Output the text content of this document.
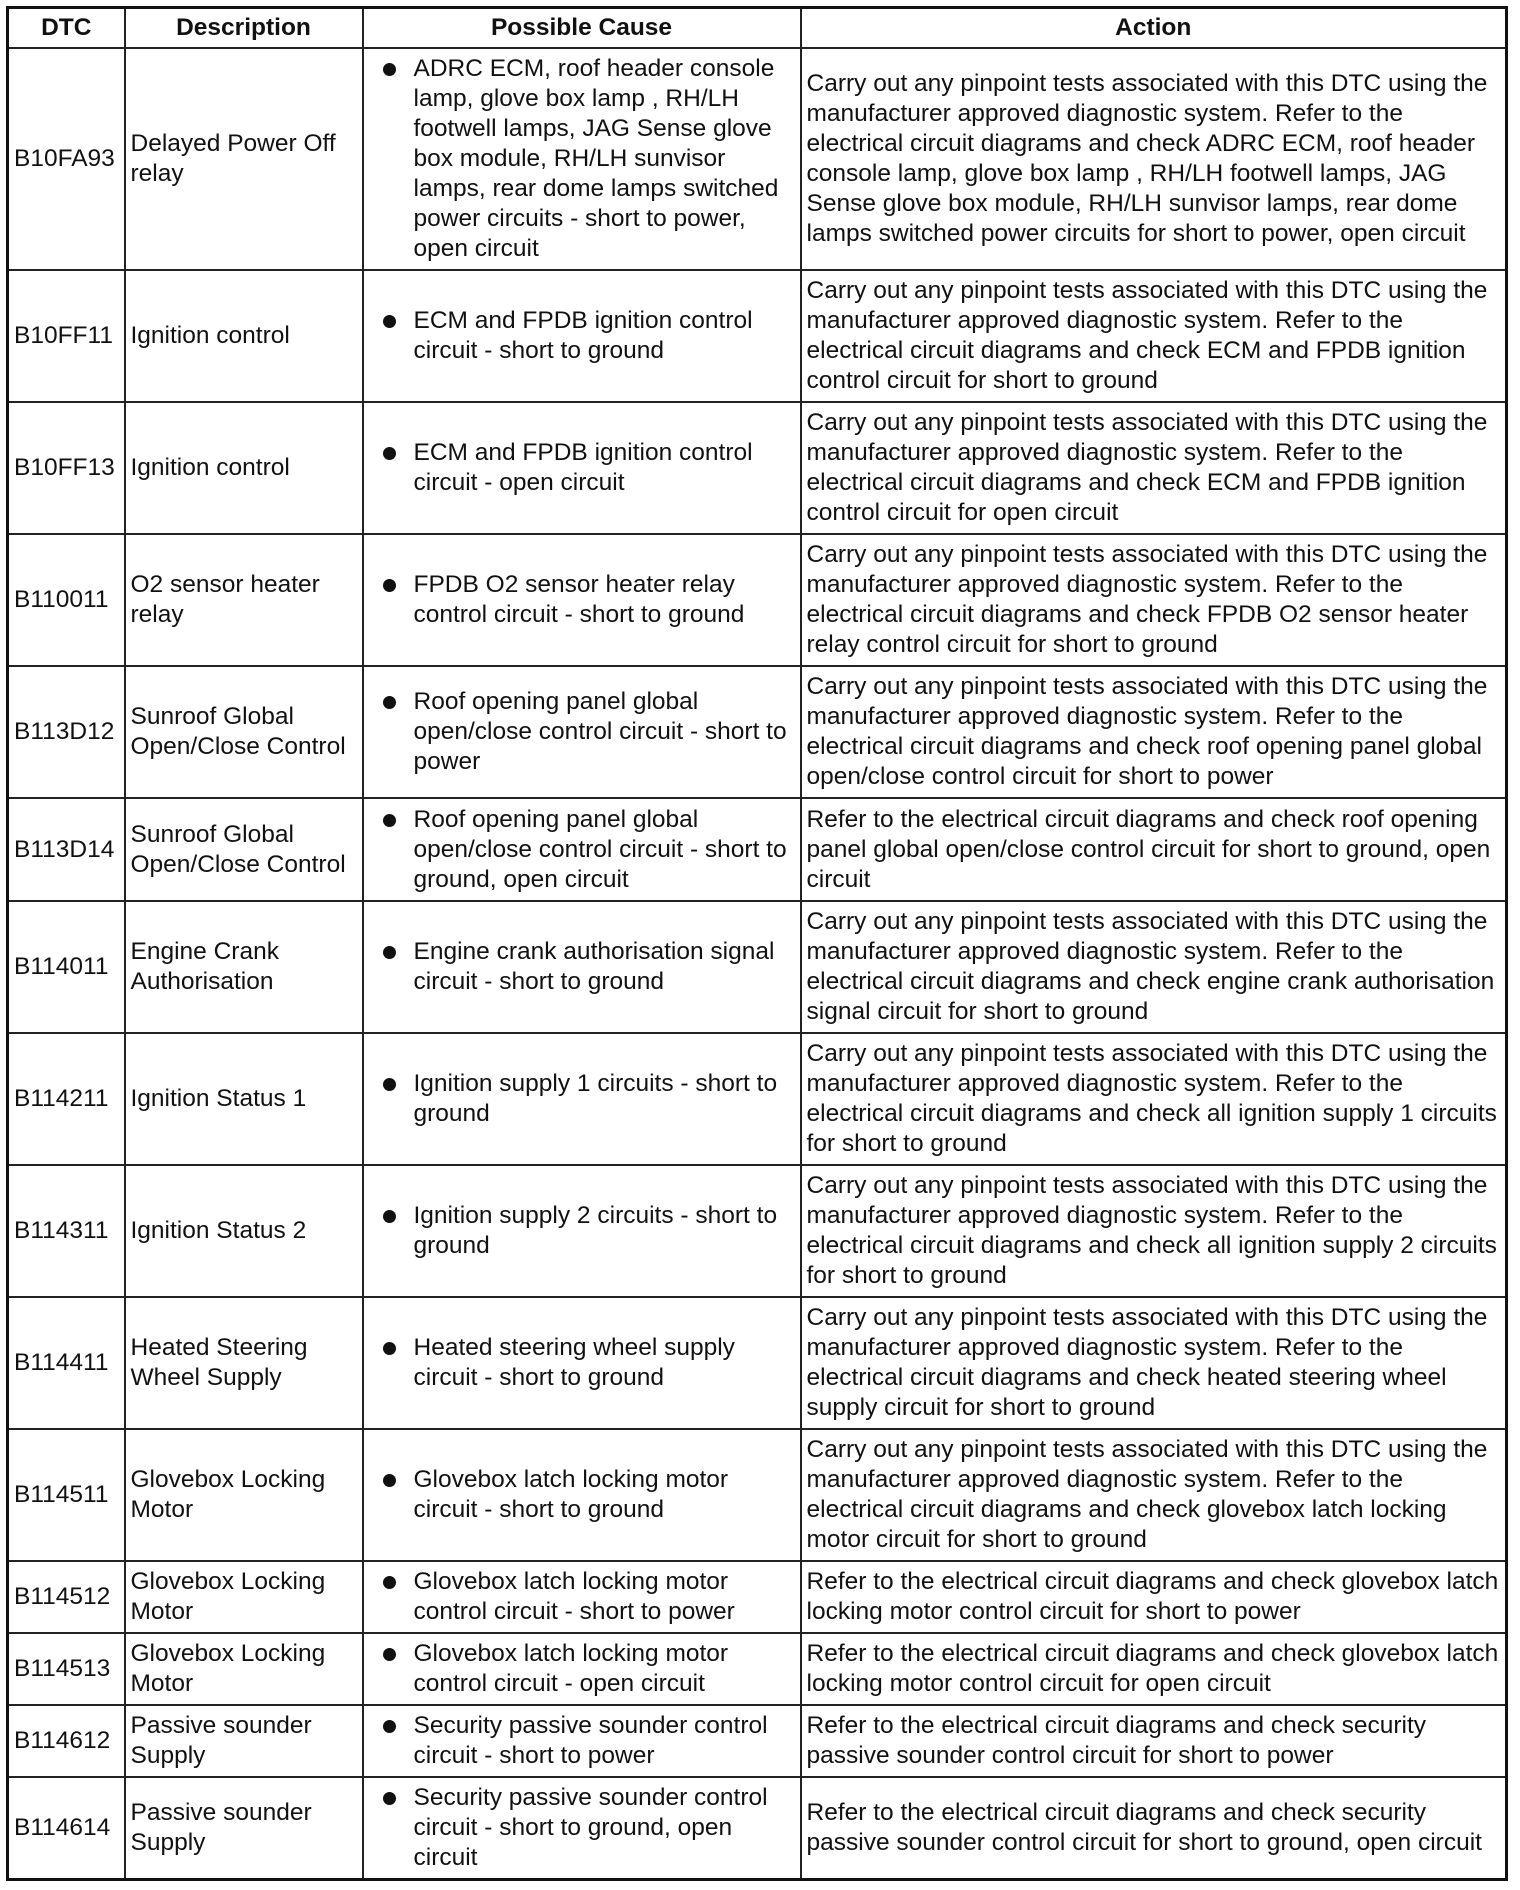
DTC	Description	Possible Cause	Action
B10FA93	Delayed Power Off relay	ADRC ECM, roof header console lamp, glove box lamp , RH/LH footwell lamps, JAG Sense glove box module, RH/LH sunvisor lamps, rear dome lamps switched power circuits - short to power, open circuit	Carry out any pinpoint tests associated with this DTC using the manufacturer approved diagnostic system. Refer to the electrical circuit diagrams and check ADRC ECM, roof header console lamp, glove box lamp , RH/LH footwell lamps, JAG Sense glove box module, RH/LH sunvisor lamps, rear dome lamps switched power circuits for short to power, open circuit
B10FF11	Ignition control	ECM and FPDB ignition control circuit - short to ground	Carry out any pinpoint tests associated with this DTC using the manufacturer approved diagnostic system. Refer to the electrical circuit diagrams and check ECM and FPDB ignition control circuit for short to ground
B10FF13	Ignition control	ECM and FPDB ignition control circuit - open circuit	Carry out any pinpoint tests associated with this DTC using the manufacturer approved diagnostic system. Refer to the electrical circuit diagrams and check ECM and FPDB ignition control circuit for open circuit
B110011	O2 sensor heater relay	FPDB O2 sensor heater relay control circuit - short to ground	Carry out any pinpoint tests associated with this DTC using the manufacturer approved diagnostic system. Refer to the electrical circuit diagrams and check FPDB O2 sensor heater relay control circuit for short to ground
B113D12	Sunroof Global Open/Close Control	Roof opening panel global open/close control circuit - short to power	Carry out any pinpoint tests associated with this DTC using the manufacturer approved diagnostic system. Refer to the electrical circuit diagrams and check roof opening panel global open/close control circuit for short to power
B113D14	Sunroof Global Open/Close Control	Roof opening panel global open/close control circuit - short to ground, open circuit	Refer to the electrical circuit diagrams and check roof opening panel global open/close control circuit for short to ground, open circuit
B114011	Engine Crank Authorisation	Engine crank authorisation signal circuit - short to ground	Carry out any pinpoint tests associated with this DTC using the manufacturer approved diagnostic system. Refer to the electrical circuit diagrams and check engine crank authorisation signal circuit for short to ground
B114211	Ignition Status 1	Ignition supply 1 circuits - short to ground	Carry out any pinpoint tests associated with this DTC using the manufacturer approved diagnostic system. Refer to the electrical circuit diagrams and check all ignition supply 1 circuits for short to ground
B114311	Ignition Status 2	Ignition supply 2 circuits - short to ground	Carry out any pinpoint tests associated with this DTC using the manufacturer approved diagnostic system. Refer to the electrical circuit diagrams and check all ignition supply 2 circuits for short to ground
B114411	Heated Steering Wheel Supply	Heated steering wheel supply circuit - short to ground	Carry out any pinpoint tests associated with this DTC using the manufacturer approved diagnostic system. Refer to the electrical circuit diagrams and check heated steering wheel supply circuit for short to ground
B114511	Glovebox Locking Motor	Glovebox latch locking motor circuit - short to ground	Carry out any pinpoint tests associated with this DTC using the manufacturer approved diagnostic system. Refer to the electrical circuit diagrams and check glovebox latch locking motor circuit for short to ground
B114512	Glovebox Locking Motor	Glovebox latch locking motor control circuit - short to power	Refer to the electrical circuit diagrams and check glovebox latch locking motor control circuit for short to power
B114513	Glovebox Locking Motor	Glovebox latch locking motor control circuit - open circuit	Refer to the electrical circuit diagrams and check glovebox latch locking motor control circuit for open circuit
B114612	Passive sounder Supply	Security passive sounder control circuit - short to power	Refer to the electrical circuit diagrams and check security passive sounder control circuit for short to power
B114614	Passive sounder Supply	Security passive sounder control circuit - short to ground, open circuit	Refer to the electrical circuit diagrams and check security passive sounder control circuit for short to ground, open circuit
